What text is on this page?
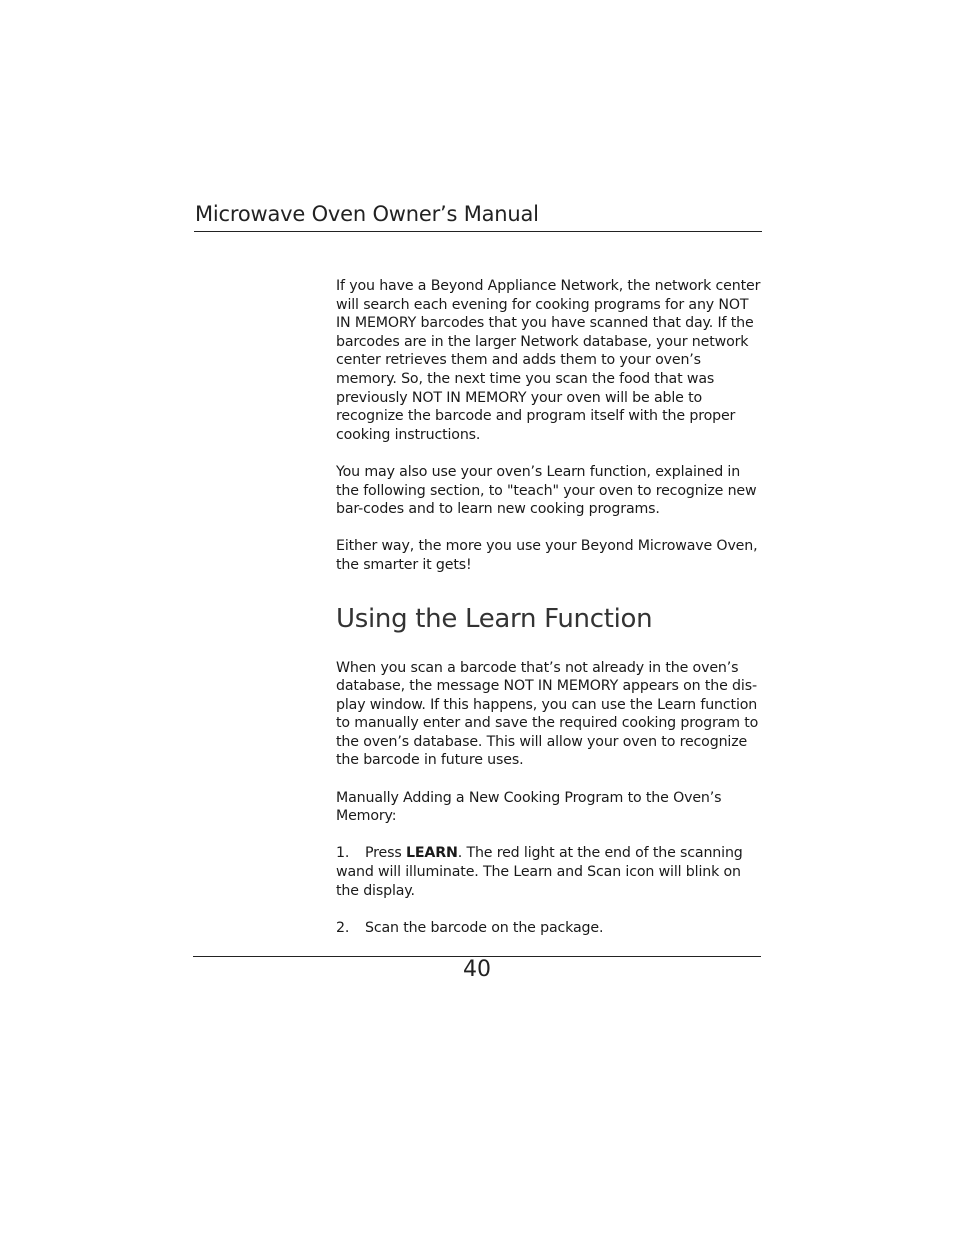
Microwave Oven Owner’s Manual

If you have a Beyond Appliance Network, the network center will search each evening for cooking programs for any NOT IN MEMORY barcodes that you have scanned that day. If the barcodes are in the larger Network database, your network center retrieves them and adds them to your oven’s memory. So, the next time you scan the food that was previously NOT IN MEMORY your oven will be able to recognize the barcode and program itself with the proper cooking instructions.

You may also use your oven’s Learn function, explained in the following section, to "teach" your oven to recognize new bar-codes and to learn new cooking programs.

Either way, the more you use your Beyond Microwave Oven, the smarter it gets!

Using the Learn Function

When you scan a barcode that’s not already in the oven’s database, the message NOT IN MEMORY appears on the dis-play window. If this happens, you can use the Learn function to manually enter and save the required cooking program to the oven’s database. This will allow your oven to recognize the barcode in future uses.

Manually Adding a New Cooking Program to the Oven’s Memory:

1. Press LEARN. The red light at the end of the scanning wand will illuminate. The Learn and Scan icon will blink on the display.

2. Scan the barcode on the package.

40
